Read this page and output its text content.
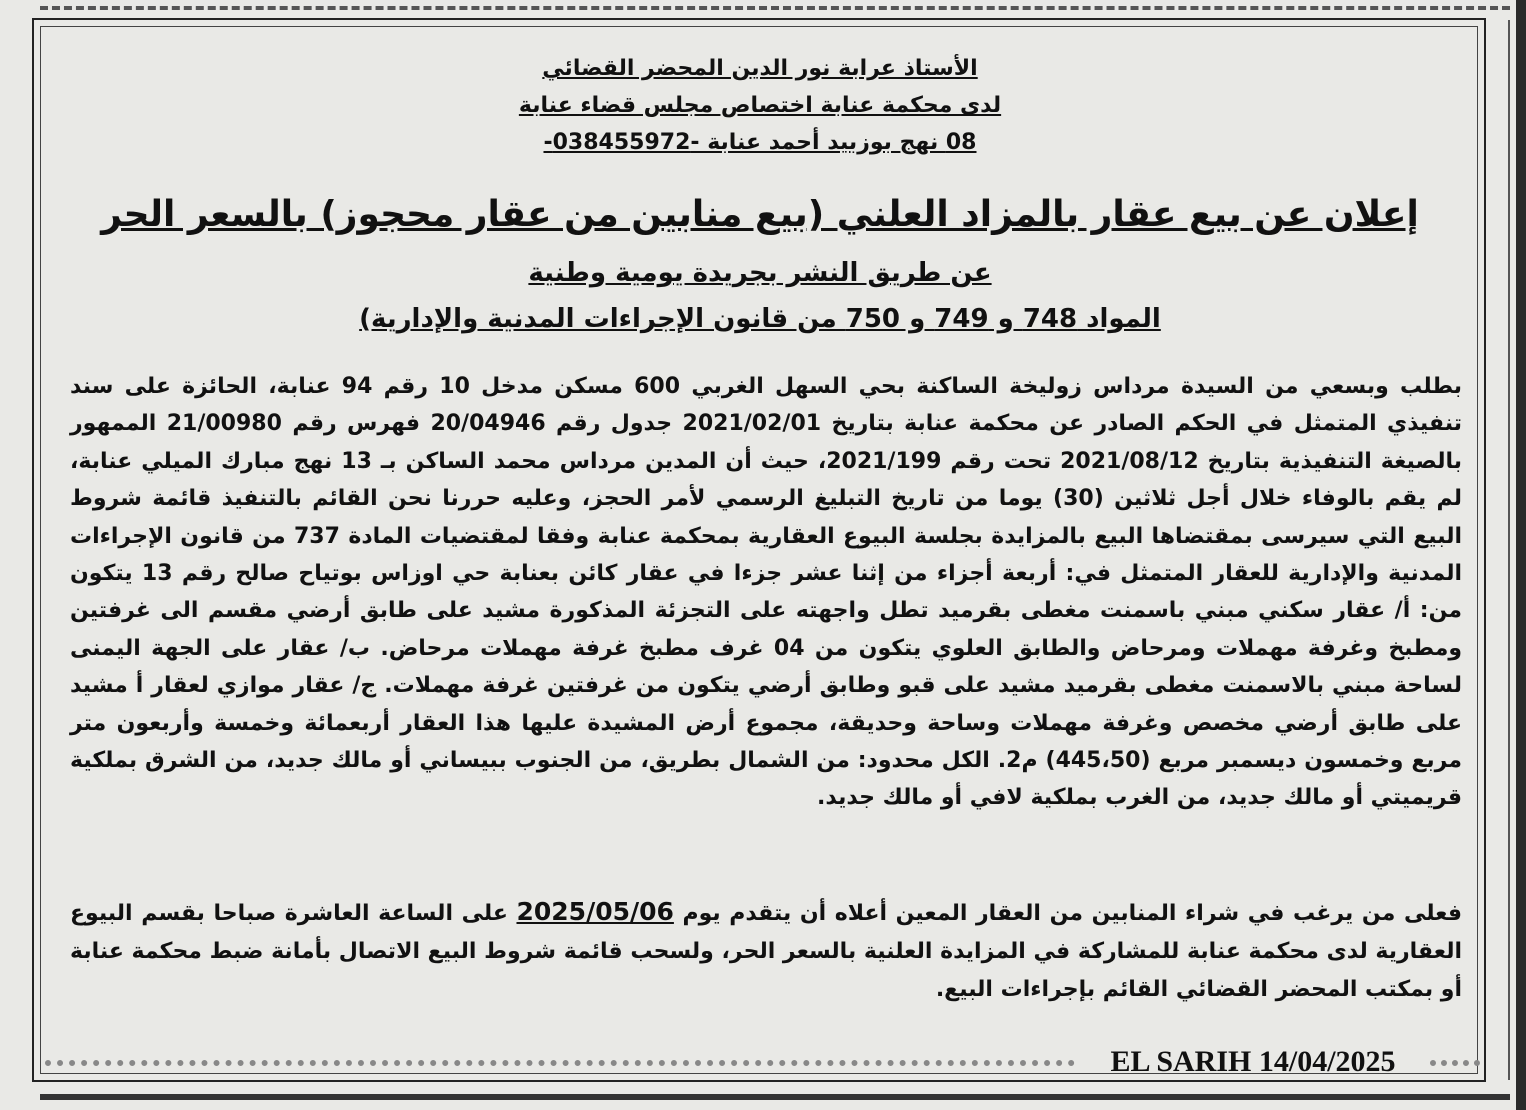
الأستاذ عرابة نور الدين المحضر القضائي
لدى محكمة عنابة اختصاص مجلس قضاء عنابة
08 نهج بوزبيد أحمد عنابة -038455972-
إعلان عن بيع عقار بالمزاد العلني (بيع منابين من عقار محجوز) بالسعر الحر
عن طريق النشر بجريدة يومية وطنية
المواد 748 و 749 و 750 من قانون الإجراءات المدنية والإدارية)
بطلب وبسعي من السيدة مرداس زوليخة الساكنة بحي السهل الغربي 600 مسكن مدخل 10 رقم 94 عنابة، الحائزة على سند تنفيذي المتمثل في الحكم الصادر عن محكمة عنابة بتاريخ 2021/02/01 جدول رقم 20/04946 فهرس رقم 21/00980 الممهور بالصيغة التنفيذية بتاريخ 2021/08/12 تحت رقم 2021/199، حيث أن المدين مرداس محمد الساكن بـ 13 نهج مبارك الميلي عنابة، لم يقم بالوفاء خلال أجل ثلاثين (30) يوما من تاريخ التبليغ الرسمي لأمر الحجز، وعليه حررنا نحن القائم بالتنفيذ قائمة شروط البيع التي سيرسى بمقتضاها البيع بالمزايدة بجلسة البيوع العقارية بمحكمة عنابة وفقا لمقتضيات المادة 737 من قانون الإجراءات المدنية والإدارية للعقار المتمثل في: أربعة أجزاء من إثنا عشر جزءا في عقار كائن بعنابة حي اوزاس بوتياح صالح رقم 13 يتكون من: أ/ عقار سكني مبني باسمنت مغطى بقرميد تطل واجهته على التجزئة المذكورة مشيد على طابق أرضي مقسم الى غرفتين ومطبخ وغرفة مهملات ومرحاض والطابق العلوي يتكون من 04 غرف مطبخ غرفة مهملات مرحاض. ب/ عقار على الجهة اليمنى لساحة مبني بالاسمنت مغطى بقرميد مشيد على قبو وطابق أرضي يتكون من غرفتين غرفة مهملات. ج/ عقار موازي لعقار أ مشيد على طابق أرضي مخصص وغرفة مهملات وساحة وحديقة، مجموع أرض المشيدة عليها هذا العقار أربعمائة وخمسة وأربعون متر مربع وخمسون ديسمبر مربع (445،50) م2. الكل محدود: من الشمال بطريق، من الجنوب ببيساني أو مالك جديد، من الشرق بملكية قريميتي أو مالك جديد، من الغرب بملكية لافي أو مالك جديد.
فعلى من يرغب في شراء المنابين من العقار المعين أعلاه أن يتقدم يوم 2025/05/06 على الساعة العاشرة صباحا بقسم البيوع العقارية لدى محكمة عنابة للمشاركة في المزايدة العلنية بالسعر الحر، ولسحب قائمة شروط البيع الاتصال بأمانة ضبط محكمة عنابة أو بمكتب المحضر القضائي القائم بإجراءات البيع.
EL SARIH 14/04/2025
